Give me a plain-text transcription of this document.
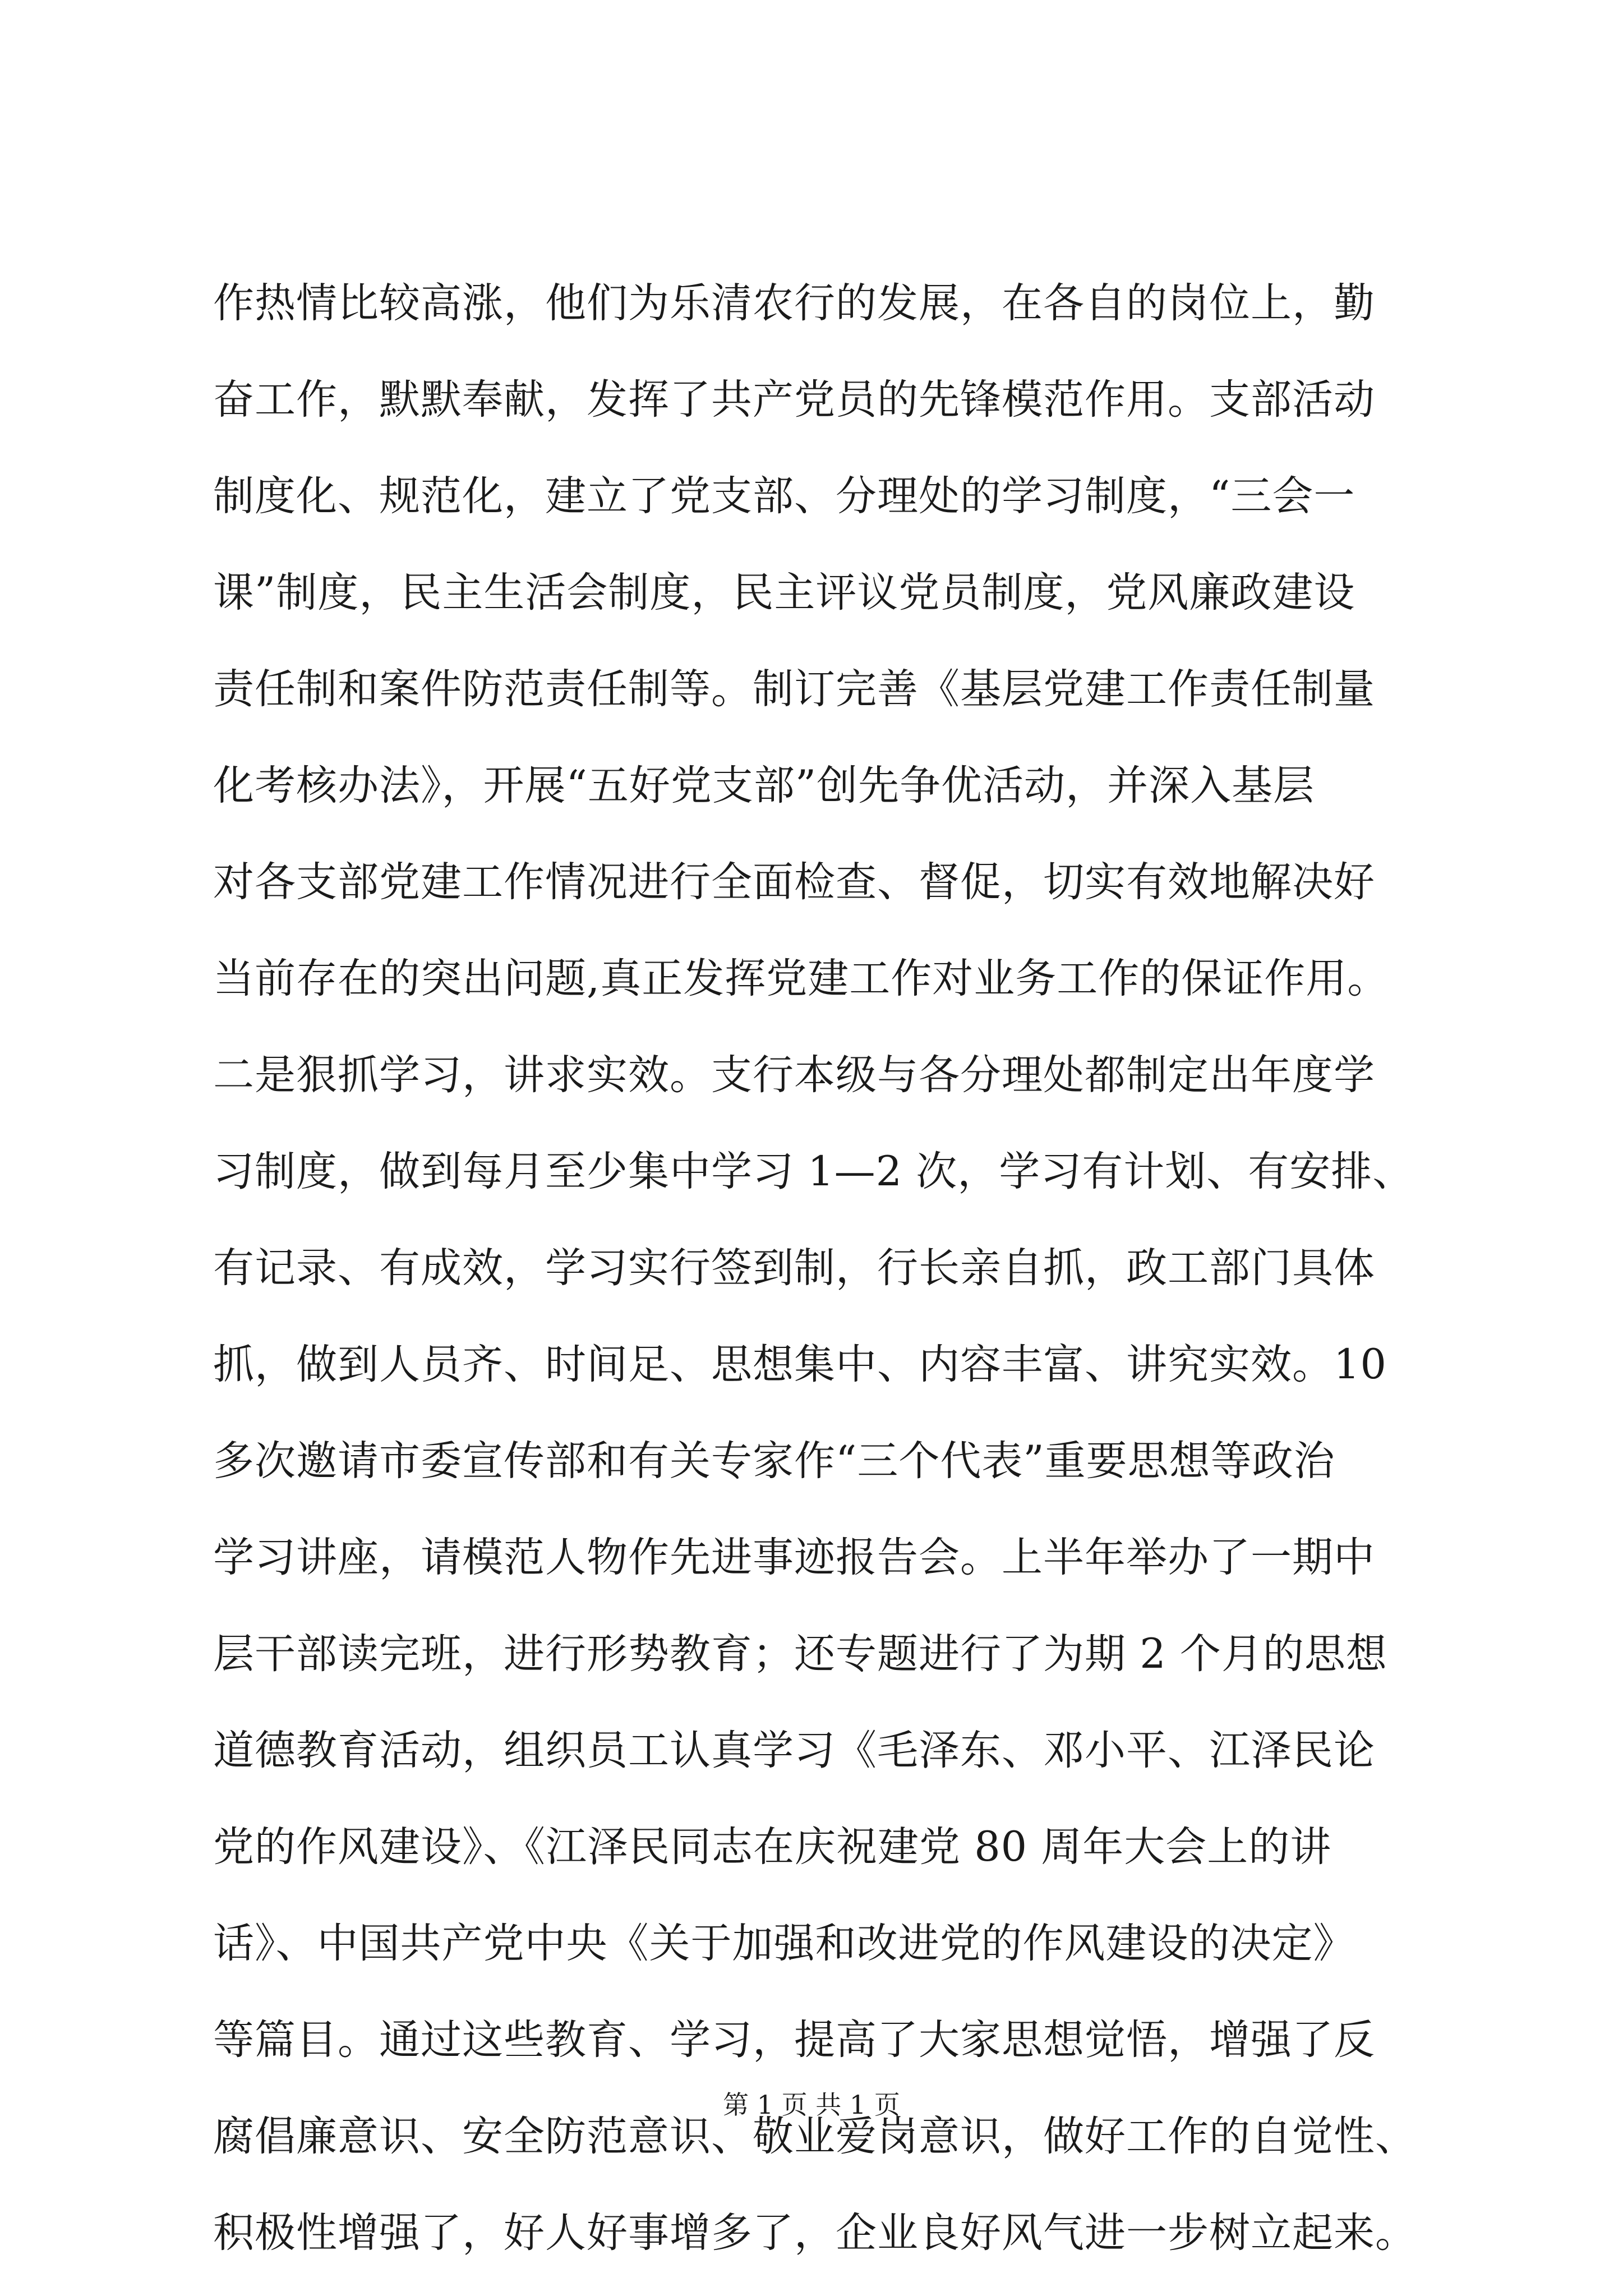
作热情比较高涨，他们为乐清农行的发展，在各自的岗位上，勤
奋工作，默默奉献，发挥了共产党员的先锋模范作用。支部活动
制度化、规范化，建立了党支部、分理处的学习制度，“三会一
课”制度，民主生活会制度，民主评议党员制度，党风廉政建设
责任制和案件防范责任制等。制订完善《基层党建工作责任制量
化考核办法》，开展“五好党支部”创先争优活动，并深入基层
对各支部党建工作情况进行全面检查、督促，切实有效地解决好
当前存在的突出问题,真正发挥党建工作对业务工作的保证作用。
二是狠抓学习，讲求实效。支行本级与各分理处都制定出年度学
习制度，做到每月至少集中学习 1—2 次，学习有计划、有安排、
有记录、有成效，学习实行签到制，行长亲自抓，政工部门具体
抓，做到人员齐、时间足、思想集中、内容丰富、讲究实效。10
多次邀请市委宣传部和有关专家作“三个代表”重要思想等政治
学习讲座，请模范人物作先进事迹报告会。上半年举办了一期中
层干部读完班，进行形势教育；还专题进行了为期 2 个月的思想
道德教育活动，组织员工认真学习《毛泽东、邓小平、江泽民论
党的作风建设》、《江泽民同志在庆祝建党 80 周年大会上的讲
话》、中国共产党中央《关于加强和改进党的作风建设的决定》
等篇目。通过这些教育、学习，提高了大家思想觉悟，增强了反
腐倡廉意识、安全防范意识、敬业爱岗意识，做好工作的自觉性、
积极性增强了，好人好事增多了，企业良好风气进一步树立起来。
第 1 页 共 1 页
